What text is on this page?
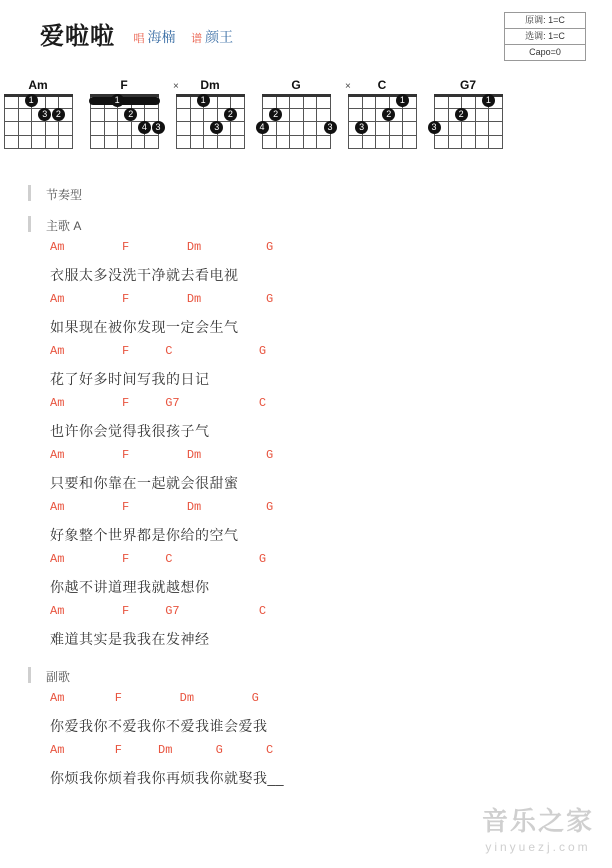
爱啦啦 唱 海楠 谱 颜王
原调: 1=C
选调: 1=C
Capo=0
Am
1
3 2
F
1
2
4 3
Dm
×
1
2
3
G
2
3
4
C
×
1
2
3
G7
1
2
3
节奏型
主歌 A
Am        F        Dm         G
衣服太多没洗干净就去看电视
Am        F        Dm         G
如果现在被你发现一定会生气
Am        F     C            G
花了好多时间写我的日记
Am        F     G7           C
也许你会觉得我很孩子气
Am        F        Dm         G
只要和你靠在一起就会很甜蜜
Am        F        Dm         G
好象整个世界都是你给的空气
Am        F     C            G
你越不讲道理我就越想你
Am        F     G7           C
难道其实是我我在发神经
副歌
Am       F        Dm        G
你爱我你不爱我你不爱我谁会爱我
Am       F     Dm      G      C
你烦我你烦着我你再烦我你就娶我__
音乐之家
yinyuezj.com
